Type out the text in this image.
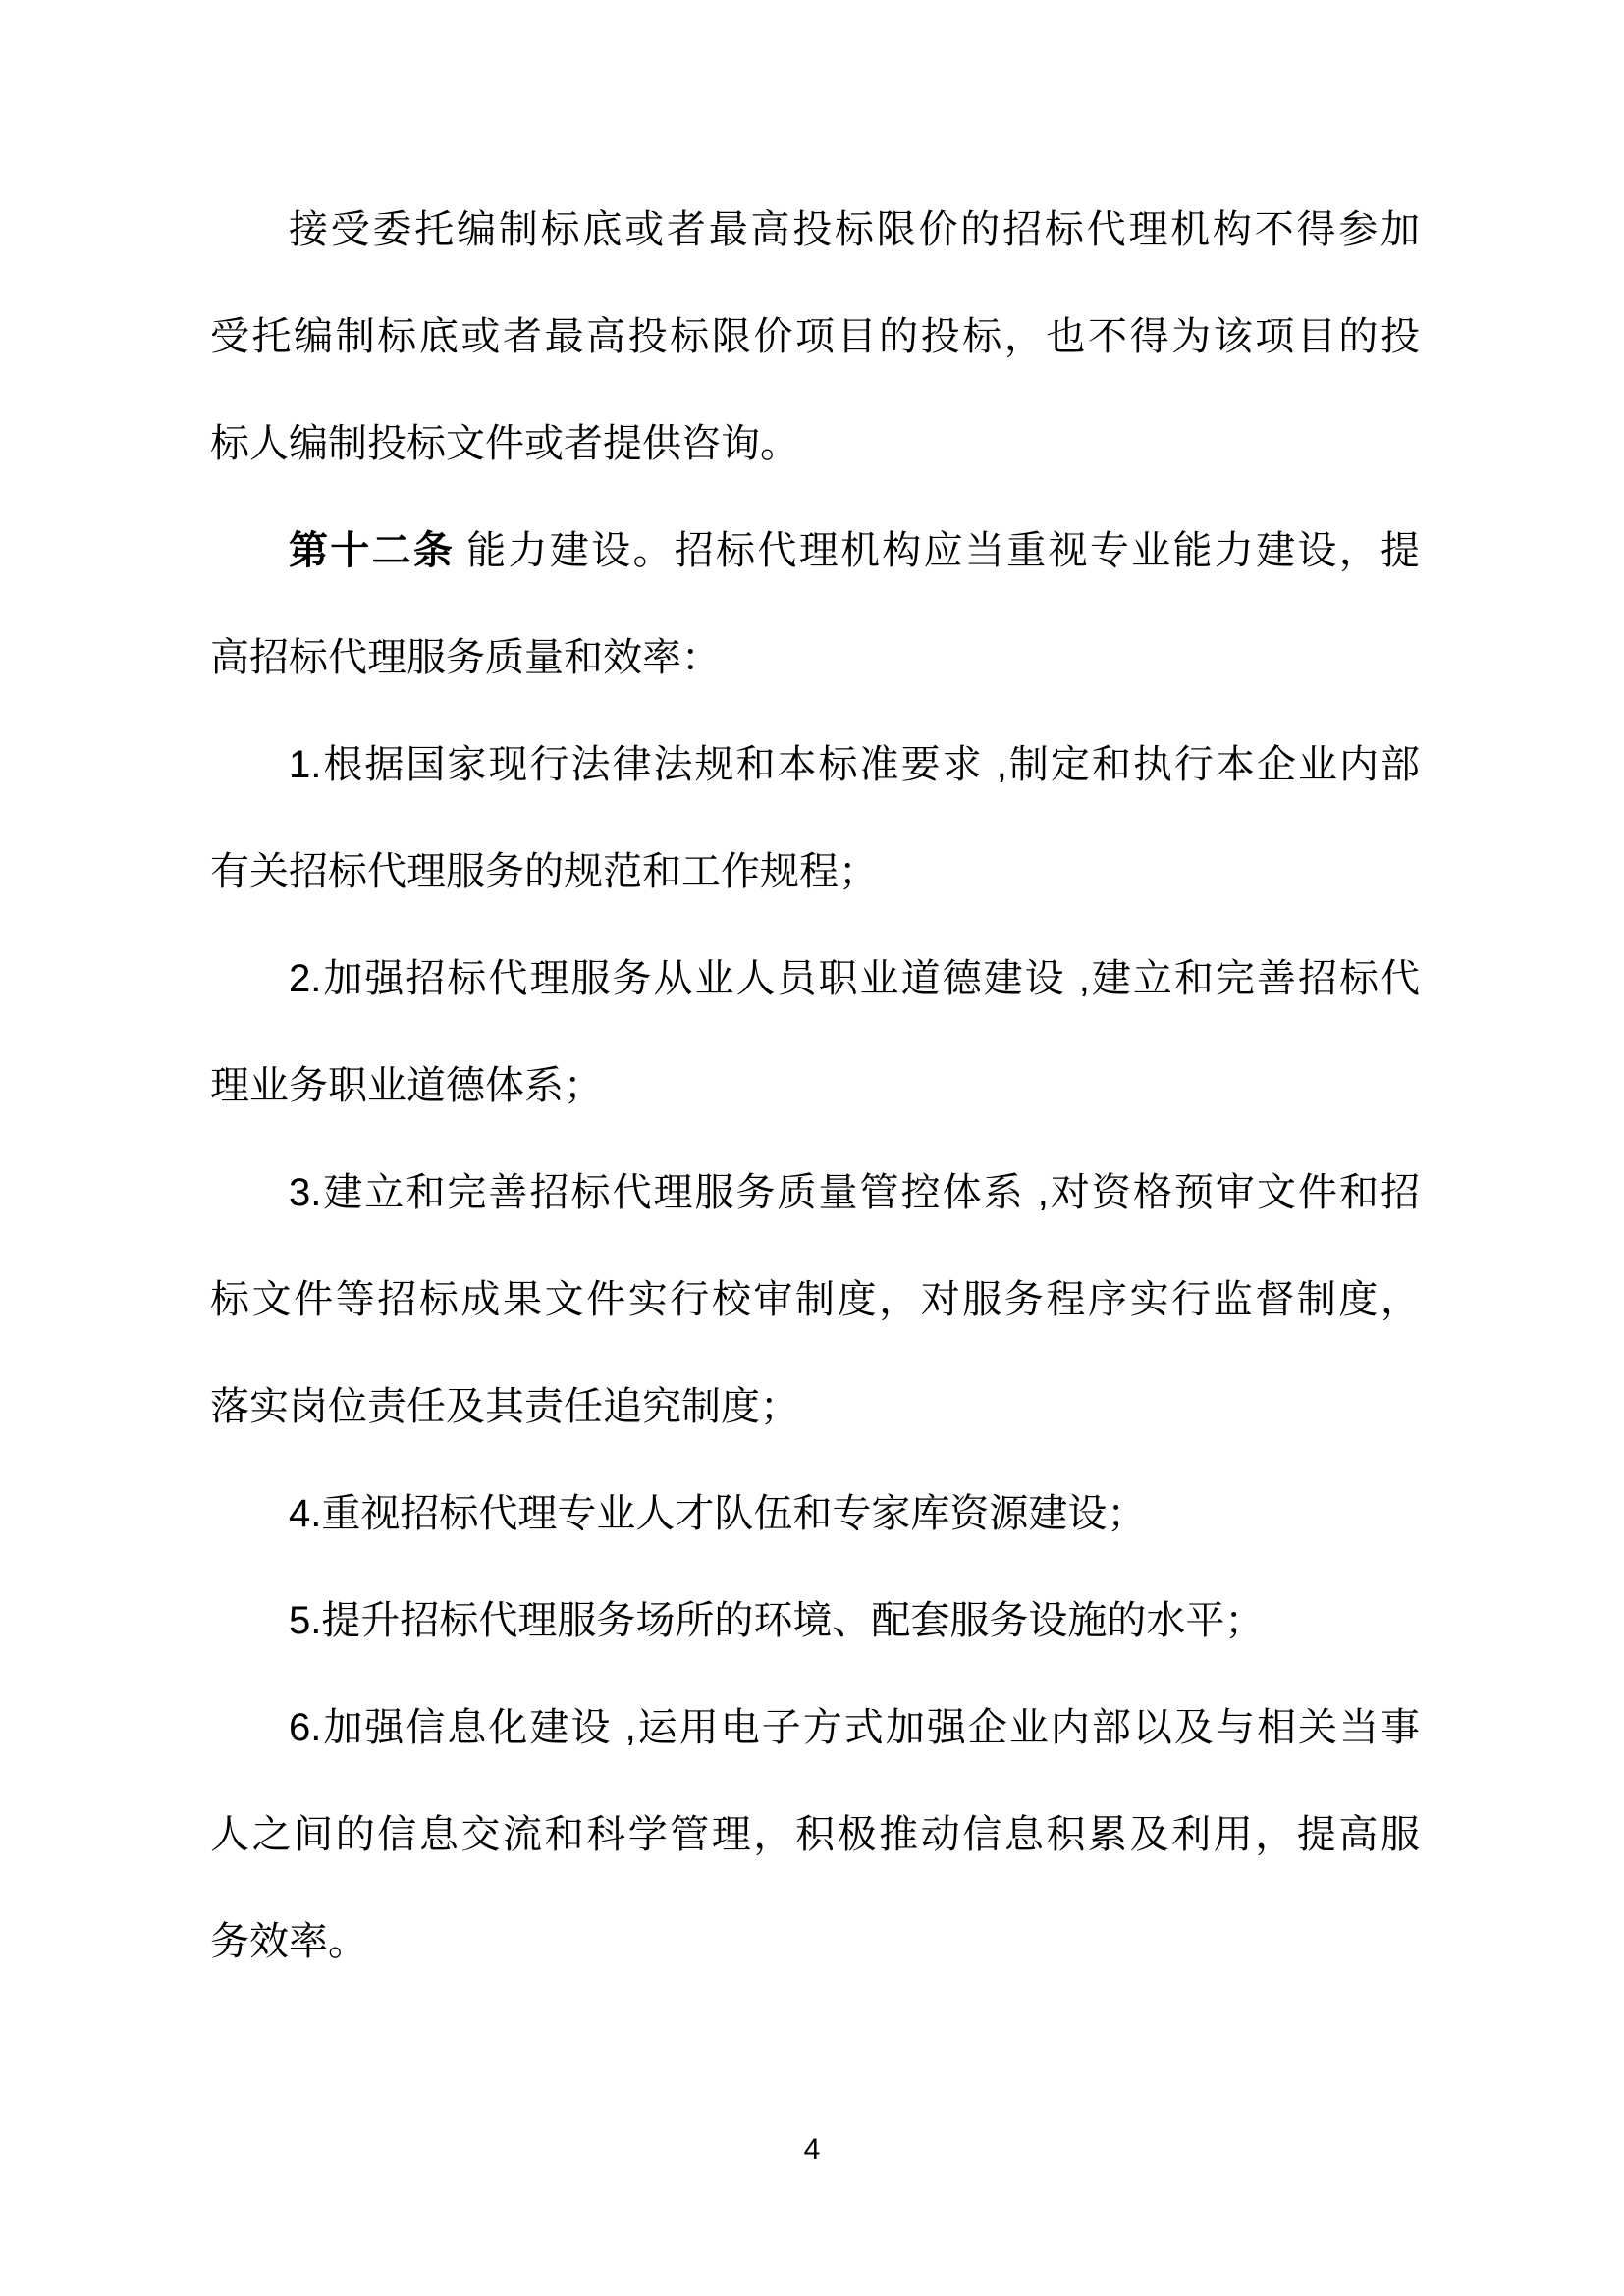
接受委托编制标底或者最高投标限价的招标代理机构不得参加
受托编制标底或者最高投标限价项目的投标，也不得为该项目的投
标人编制投标文件或者提供咨询。
第十二条 能力建设。招标代理机构应当重视专业能力建设，提
高招标代理服务质量和效率：
1.根据国家现行法律法规和本标准要求 ,制定和执行本企业内部
有关招标代理服务的规范和工作规程；
2.加强招标代理服务从业人员职业道德建设 ,建立和完善招标代
理业务职业道德体系；
3.建立和完善招标代理服务质量管控体系 ,对资格预审文件和招
标文件等招标成果文件实行校审制度，对服务程序实行监督制度，
落实岗位责任及其责任追究制度；
4.重视招标代理专业人才队伍和专家库资源建设；
5.提升招标代理服务场所的环境、配套服务设施的水平；
6.加强信息化建设 ,运用电子方式加强企业内部以及与相关当事
人之间的信息交流和科学管理，积极推动信息积累及利用，提高服
务效率。
4
